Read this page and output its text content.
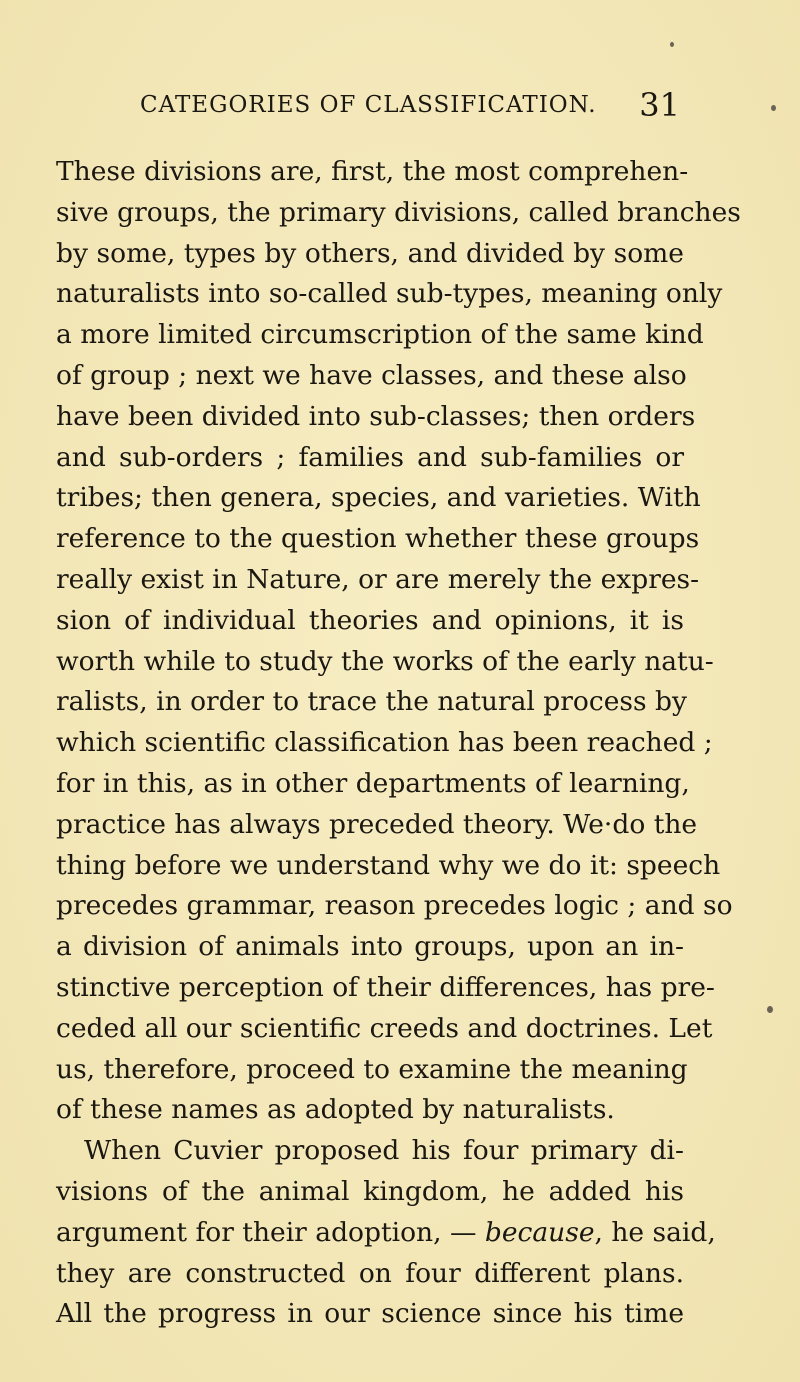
CATEGORIES OF CLASSIFICATION. 31
These divisions are, first, the most comprehen-
sive groups, the primary divisions, called branches
by some, types by others, and divided by some
naturalists into so-called sub-types, meaning only
a more limited circumscription of the same kind
of group ; next we have classes, and these also
have been divided into sub-classes; then orders
and sub-orders ; families and sub-families or
tribes; then genera, species, and varieties. With
reference to the question whether these groups
really exist in Nature, or are merely the expres-
sion of individual theories and opinions, it is
worth while to study the works of the early natu-
ralists, in order to trace the natural process by
which scientific classification has been reached ;
for in this, as in other departments of learning,
practice has always preceded theory. We·do the
thing before we understand why we do it: speech
precedes grammar, reason precedes logic ; and so
a division of animals into groups, upon an in-
stinctive perception of their differences, has pre-
ceded all our scientific creeds and doctrines. Let
us, therefore, proceed to examine the meaning
of these names as adopted by naturalists.
When Cuvier proposed his four primary di-
visions of the animal kingdom, he added his
argument for their adoption, — because, he said,
they are constructed on four different plans.
All the progress in our science since his time
